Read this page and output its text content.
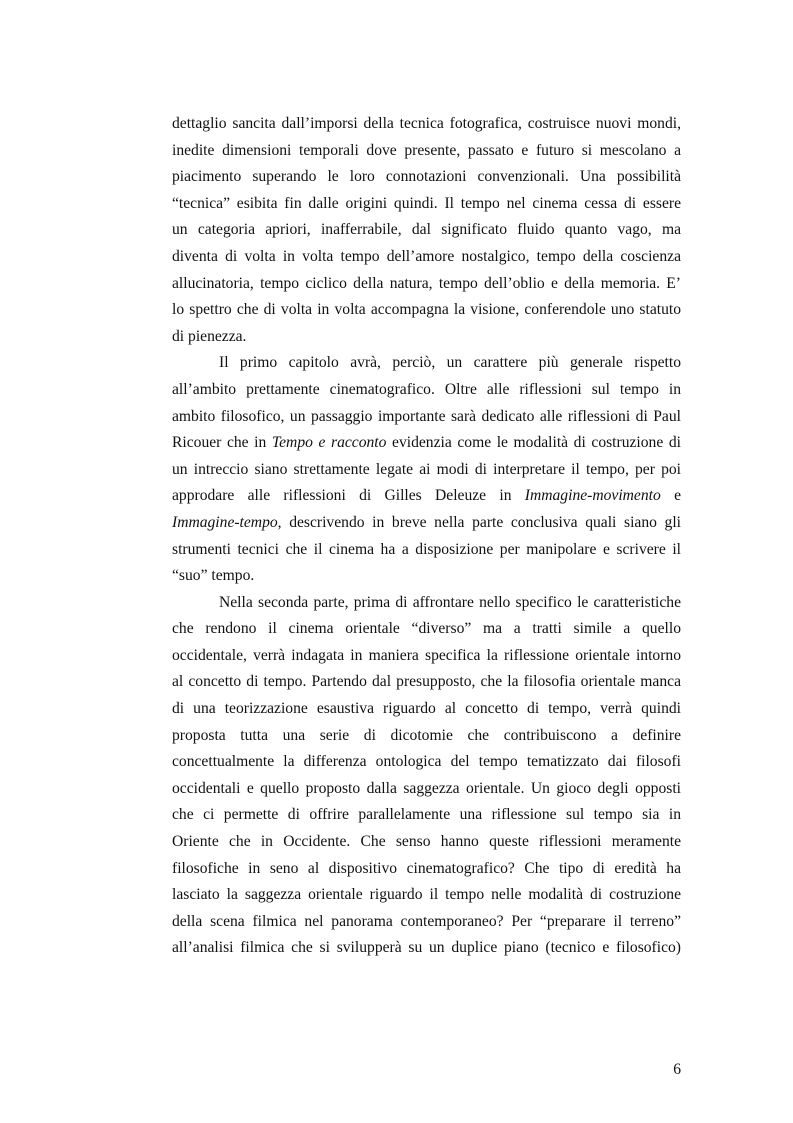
dettaglio sancita dall’imporsi della tecnica fotografica, costruisce nuovi mondi,
inedite dimensioni temporali dove presente, passato e futuro si mescolano a
piacimento superando le loro connotazioni convenzionali. Una possibilità
“tecnica” esibita fin dalle origini quindi. Il tempo nel cinema cessa di essere
un categoria apriori, inafferrabile, dal significato fluido quanto vago, ma
diventa di volta in volta tempo dell’amore nostalgico, tempo della coscienza
allucinatoria, tempo ciclico della natura, tempo dell’oblio e della memoria. E’
lo spettro che di volta in volta accompagna la visione, conferendole uno statuto
di pienezza.
Il primo capitolo avrà, perciò, un carattere più generale rispetto
all’ambito prettamente cinematografico. Oltre alle riflessioni sul tempo in
ambito filosofico, un passaggio importante sarà dedicato alle riflessioni di Paul
Ricouer che in Tempo e racconto evidenzia come le modalità di costruzione di
un intreccio siano strettamente legate ai modi di interpretare il tempo, per poi
approdare alle riflessioni di Gilles Deleuze in Immagine-movimento e
Immagine-tempo, descrivendo in breve nella parte conclusiva quali siano gli
strumenti tecnici che il cinema ha a disposizione per manipolare e scrivere il
“suo” tempo.
Nella seconda parte, prima di affrontare nello specifico le caratteristiche
che rendono il cinema orientale “diverso” ma a tratti simile a quello
occidentale, verrà indagata in maniera specifica la riflessione orientale intorno
al concetto di tempo. Partendo dal presupposto, che la filosofia orientale manca
di una teorizzazione esaustiva riguardo al concetto di tempo, verrà quindi
proposta tutta una serie di dicotomie che contribuiscono a definire
concettualmente la differenza ontologica del tempo tematizzato dai filosofi
occidentali e quello proposto dalla saggezza orientale. Un gioco degli opposti
che ci permette di offrire parallelamente una riflessione sul tempo sia in
Oriente che in Occidente. Che senso hanno queste riflessioni meramente
filosofiche in seno al dispositivo cinematografico? Che tipo di eredità ha
lasciato la saggezza orientale riguardo il tempo nelle modalità di costruzione
della scena filmica nel panorama contemporaneo? Per “preparare il terreno”
all’analisi filmica che si svilupperà su un duplice piano (tecnico e filosofico)
6
